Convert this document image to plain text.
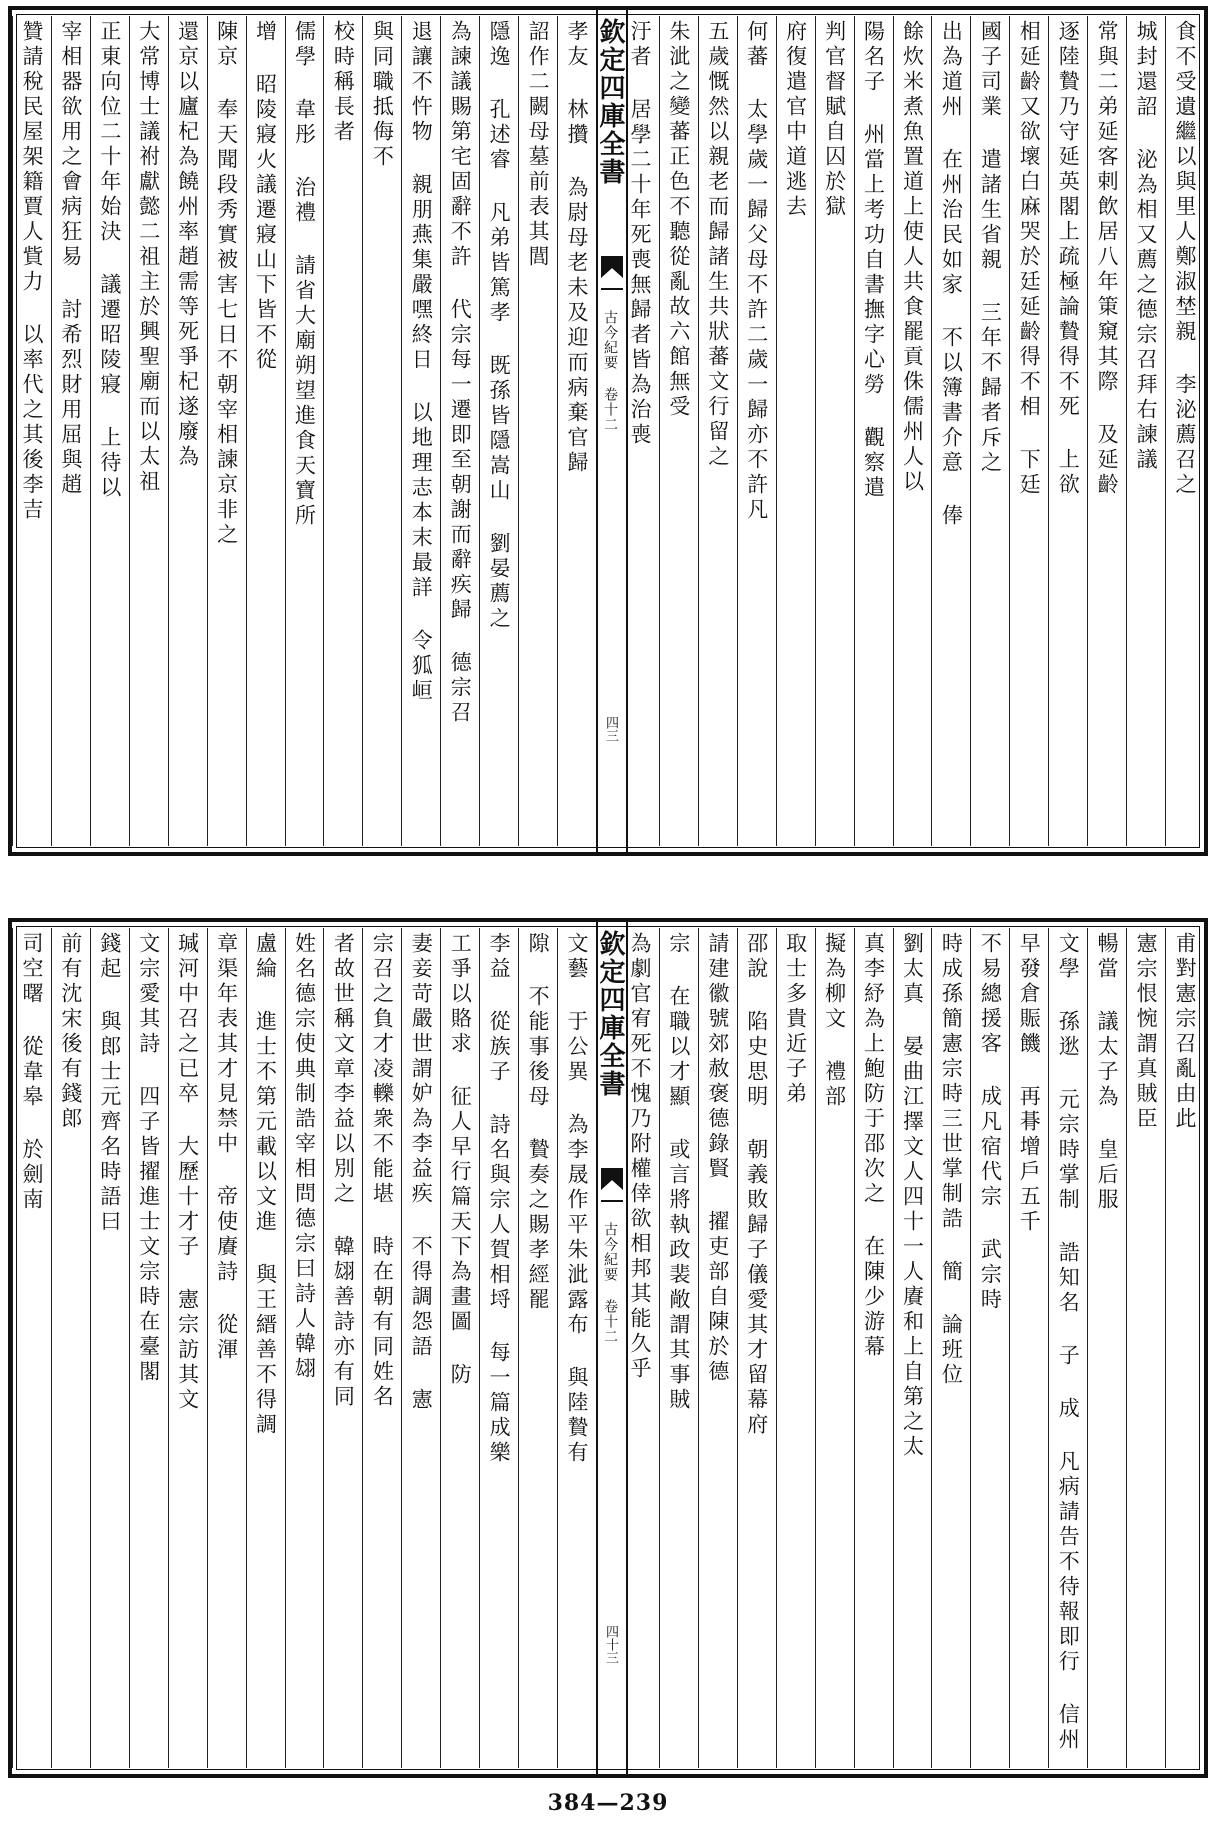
食不受遺繼以與里人鄭淑埜親 李泌薦召之
城封還詔 泌為相又薦之德宗召拜右諫議
常與二弟延客剌飲居八年䇿窺其際 及延齡
逐陸贄乃守延英閣上疏極論贄得不死 上欲
相延齡又欲壞白麻哭於廷延齡得不相 下廷
國子司業 遣諸生省親 三年不歸者斥之
出為道州 在州治民如家 不以簿書介意 俸
餘炊米煮魚置道上使人共食罷貢侏儒州人以
陽名子 州當上考功自書撫字心勞 觀察遣
判官督賦自囚於獄
府復遣官中道逃去
何蕃 太學歲一歸父母不許二歲一歸亦不許凡
五歲慨然以親老而歸諸生共狀蕃文行留之
朱泚之變蕃正色不聽從亂故六館無受
汙者 居學二十年死喪無歸者皆為治喪
欽定四庫全書
古今紀要 卷十二
四三
孝友 林攢 為尉母老未及迎而病棄官歸
詔作二闕母墓前表其閭
隱逸 孔述睿 凡弟皆篤孝 既孫皆隱嵩山 劉晏薦之
為諫議賜第宅固辭不許 代宗每一遷即至朝謝而辭疾歸 德宗召
退讓不忤物 親朋燕集嚴嘿終日 以地理志本末最詳 令狐峘
與同職抵侮不
校時稱長者
儒學 韋彤 治禮 請省大廟朔望進食天寶所
增 昭陵寢火議遷寢山下皆不從
陳京 奉天聞段秀實被害七日不朝宰相諫京非之
還京以廬杞為饒州率趙需等死爭杞遂廢為
大常博士議祔獻懿二祖主於興聖廟而以太祖
正東向位二十年始決 議遷昭陵寢 上待以
宰相器欲用之會病狂易 討希烈財用屈與趙
贊請稅民屋架籍賈人貲力 以率代之其後李吉
甫對憲宗召亂由此
憲宗恨惋謂真賊臣
暢當 議太子為 皇后服
文學 孫逖 元宗時掌制 誥知名 子 成 凡病請告不待報即行 信州
早發倉賑饑 再朞增戶五千
不易總援客 成凡宿代宗 武宗時
時成孫簡憲宗時三世掌制誥 簡 論班位
劉太真 晏曲江擇文人四十一人賡和上自第之太
真李紓為上鮑防于邵次之 在陳少游幕
擬為柳文 禮部
取士多貴近子弟
邵說 陷史思明 朝義敗歸子儀愛其才留幕府
請建徽號郊赦褒德錄賢 擢吏部自陳於德
宗 在職以才顯 或言將執政裴敞謂其事賊
為劇官宥死不愧乃附權倖欲相邦其能久乎
欽定四庫全書
古今紀要 卷十二
四十三
文藝 于公異 為李晟作平朱泚露布 與陸贄有
隙 不能事後母 贄奏之賜孝經罷
李益 從族子 詩名與宗人賀相埒 每一篇成樂
工爭以賂求 征人早行篇天下為畫圖 防
妻妾苛嚴世謂妒為李益疾 不得調怨語 憲
宗召之負才凌轢衆不能堪 時在朝有同姓名
者故世稱文章李益以別之 韓翃善詩亦有同
姓名德宗使典制誥宰相問德宗曰詩人韓翃
盧綸 進士不第元載以文進 與王縉善不得調
章渠年表其才見禁中 帝使賡詩 從渾
瑊河中召之已卒 大歷十才子 憲宗訪其文
文宗愛其詩 四子皆擢進士文宗時在臺閣
錢起 與郎士元齊名時語曰
前有沈宋後有錢郎
司空曙 從韋皋 於劍南
384—239
